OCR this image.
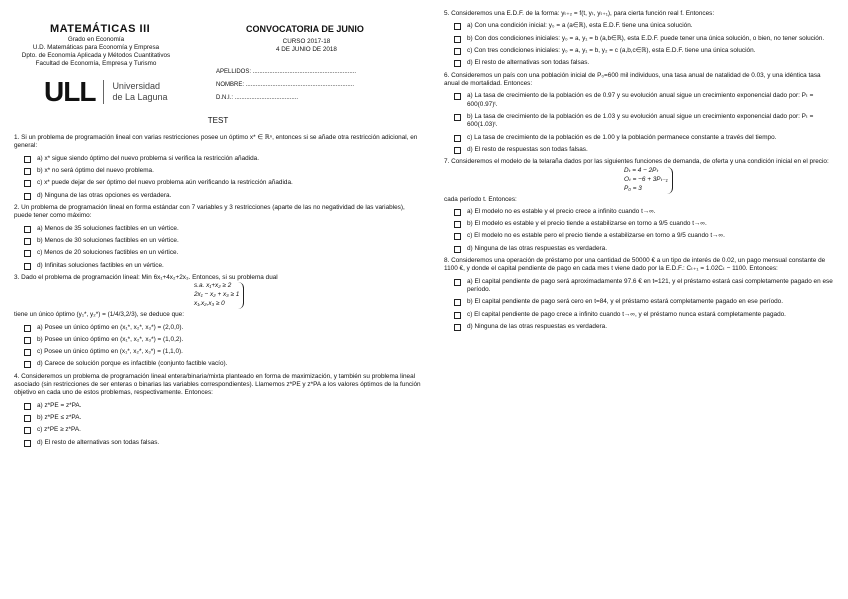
MATEMÁTICAS III
Grado en Economía
U.D. Matemáticas para Economía y Empresa
Dpto. de Economía Aplicada y Métodos Cuantitativos
Facultad de Economía, Empresa y Turismo
ULL Universidad
de La Laguna
CONVOCATORIA DE JUNIO
CURSO 2017-18
4 DE JUNIO DE 2018
APELLIDOS: ..............................................................
NOMBRE: .................................................................
D.N.I.: ......................................
TEST
1. Si un problema de programación lineal con varias restricciones posee un óptimo x* ∈ ℝⁿ, entonces si se añade otra restricción adicional, en general:
a) x* sigue siendo óptimo del nuevo problema si verifica la restricción añadida.
b) x* no será óptimo del nuevo problema.
c) x* puede dejar de ser óptimo del nuevo problema aún verificando la restricción añadida.
d) Ninguna de las otras opciones es verdadera.
2. Un problema de programación lineal en forma estándar con 7 variables y 3 restricciones (aparte de las no negatividad de las variables), puede tener como máximo:
a) Menos de 35 soluciones factibles en un vértice.
b) Menos de 30 soluciones factibles en un vértice.
c) Menos de 20 soluciones factibles en un vértice.
d) Infinitas soluciones factibles en un vértice.
3. Dado el problema de programación lineal: Min 6x₁+4x₂+2x₃. Entonces, si su problema dual
s.a. x₁+x₂ ≥ 2
2x₁ − x₂ + x₃ ≥ 1
x₁,x₂,x₃ ≥ 0
tiene un único óptimo (y₁*, y₂*) = (1/4/3,2/3), se deduce que:
a) Posee un único óptimo en (x₁*, x₂*, x₃*) = (2,0,0).
b) Posee un único óptimo en (x₁*, x₂*, x₃*) = (1,0,2).
c) Posee un único óptimo en (x₁*, x₂*, x₃*) = (1,1,0).
d) Carece de solución porque es infactible (conjunto factible vacío).
4. Consideremos un problema de programación lineal entera/binaria/mixta planteado en forma de maximización, y también su problema lineal asociado (sin restricciones de ser enteras o binarias las variables correspondientes). Llamemos z*PE y z*PA a los valores óptimos de la función objetivo en cada uno de estos problemas, respectivamente. Entonces:
a) z*PE = z*PA.
b) z*PE ≤ z*PA.
c) z*PE ≥ z*PA.
d) El resto de alternativas son todas falsas.
5. Consideremos una E.D.F. de la forma: yₜ₊₂ = f(t, yₜ, yₜ₊₁), para cierta función real f. Entonces:
a) Con una condición inicial: y₀ = a (a∈ℝ), esta E.D.F. tiene una única solución.
b) Con dos condiciones iniciales: y₀ = a, y₁ = b (a,b∈ℝ), esta E.D.F. puede tener una única solución, o bien, no tener solución.
c) Con tres condiciones iniciales: y₀ = a, y₁ = b, y₂ = c (a,b,c∈ℝ), esta E.D.F. tiene una única solución.
d) El resto de alternativas son todas falsas.
6. Consideremos un país con una población inicial de P₀=600 mil individuos, una tasa anual de natalidad de 0.03, y una idéntica tasa anual de mortalidad. Entonces:
a) La tasa de crecimiento de la población es de 0.97 y su evolución anual sigue un crecimiento exponencial dado por: Pₜ = 600(0.97)ᵗ.
b) La tasa de crecimiento de la población es de 1.03 y su evolución anual sigue un crecimiento exponencial dado por: Pₜ = 600(1.03)ᵗ.
c) La tasa de crecimiento de la población es de 1.00 y la población permanece constante a través del tiempo.
d) El resto de respuestas son todas falsas.
7. Consideremos el modelo de la telaraña dados por las siguientes funciones de demanda, de oferta y una condición inicial en el precio:
Dₜ = 4 − 2Pₜ
Oₜ = −6 + 3Pₜ₋₁
P₀ = 3
cada período t. Entonces:
a) El modelo no es estable y el precio crece a infinito cuando t→∞.
b) El modelo es estable y el precio tiende a estabilizarse en torno a 9/5 cuando t→∞.
c) El modelo no es estable pero el precio tiende a estabilizarse en torno a 9/5 cuando t→∞.
d) Ninguna de las otras respuestas es verdadera.
8. Consideremos una operación de préstamo por una cantidad de 50000 € a un tipo de interés de 0.02, un pago mensual constante de 1100 €, y donde el capital pendiente de pago en cada mes t viene dado por la E.D.F.: Cₜ₊₁ = 1.02Cₜ − 1100. Entonces:
a) El capital pendiente de pago será aproximadamente 97.6 € en t=121, y el préstamo estará casi completamente pagado en ese período.
b) El capital pendiente de pago será cero en t=84, y el préstamo estará completamente pagado en ese período.
c) El capital pendiente de pago crece a infinito cuando t→∞, y el préstamo nunca estará completamente pagado.
d) Ninguna de las otras respuestas es verdadera.
